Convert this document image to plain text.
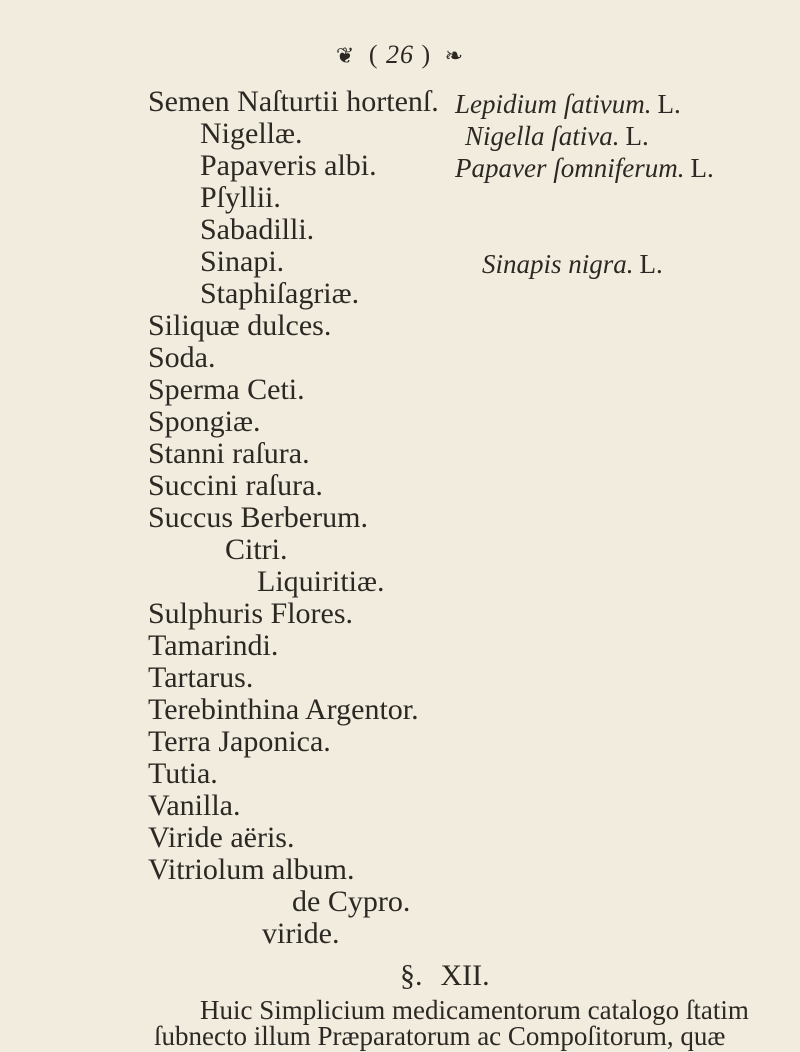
❦ ( 26 ) ❧
Semen Naſturtii hortenſ.
Nigellæ.
Papaveris albi.
Pſyllii.
Sabadilli.
Sinapi.
Staphiſagriæ.
Siliquæ dulces.
Soda.
Sperma Ceti.
Spongiæ.
Stanni raſura.
Succini raſura.
Succus Berberum.
Citri.
Liquiritiæ.
Sulphuris Flores.
Tamarindi.
Tartarus.
Terebinthina Argentor.
Terra Japonica.
Tutia.
Vanilla.
Viride aëris.
Vitriolum album.
de Cypro.
viride.
Lepidium ſativum. L.
Nigella ſativa. L.
Papaver ſomniferum. L.
Sinapis nigra. L.
§. XII.
Huic Simplicium medicamentorum catalogo ſtatim
ſubnecto illum Præparatorum ac Compoſitorum, quæ
